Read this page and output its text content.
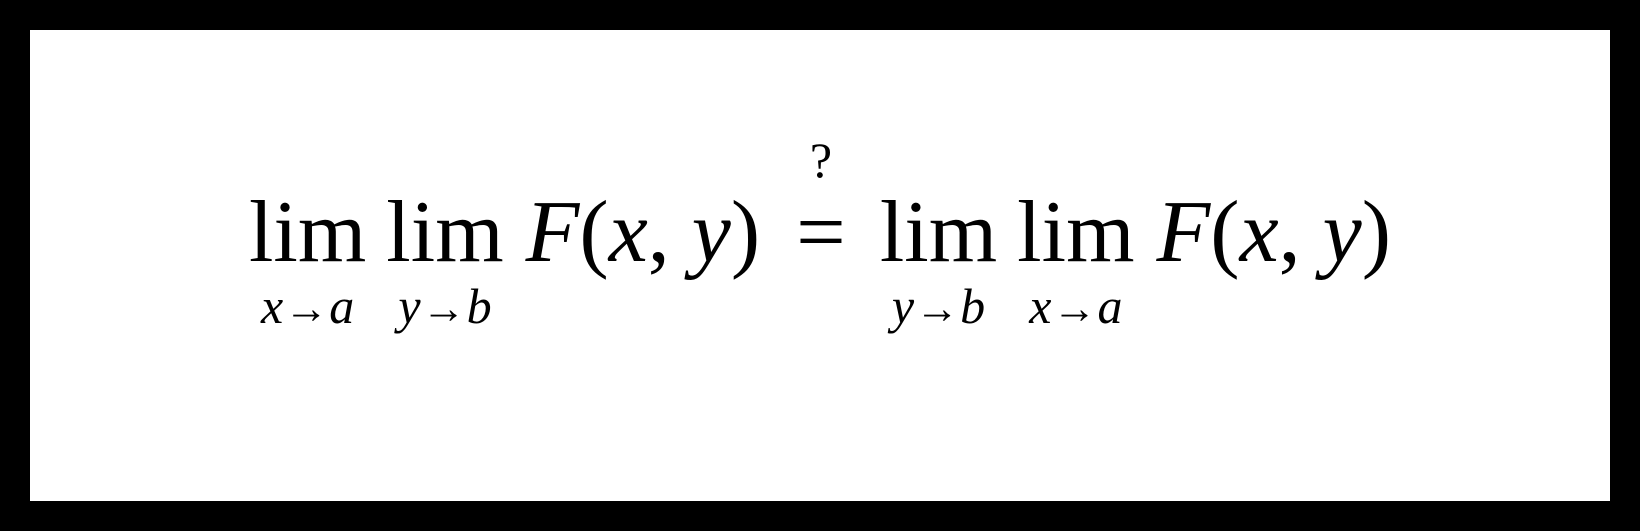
lim
x→a
lim
y→b
F(x, y)
?
= lim
y→b
lim
x→a
F(x, y)
